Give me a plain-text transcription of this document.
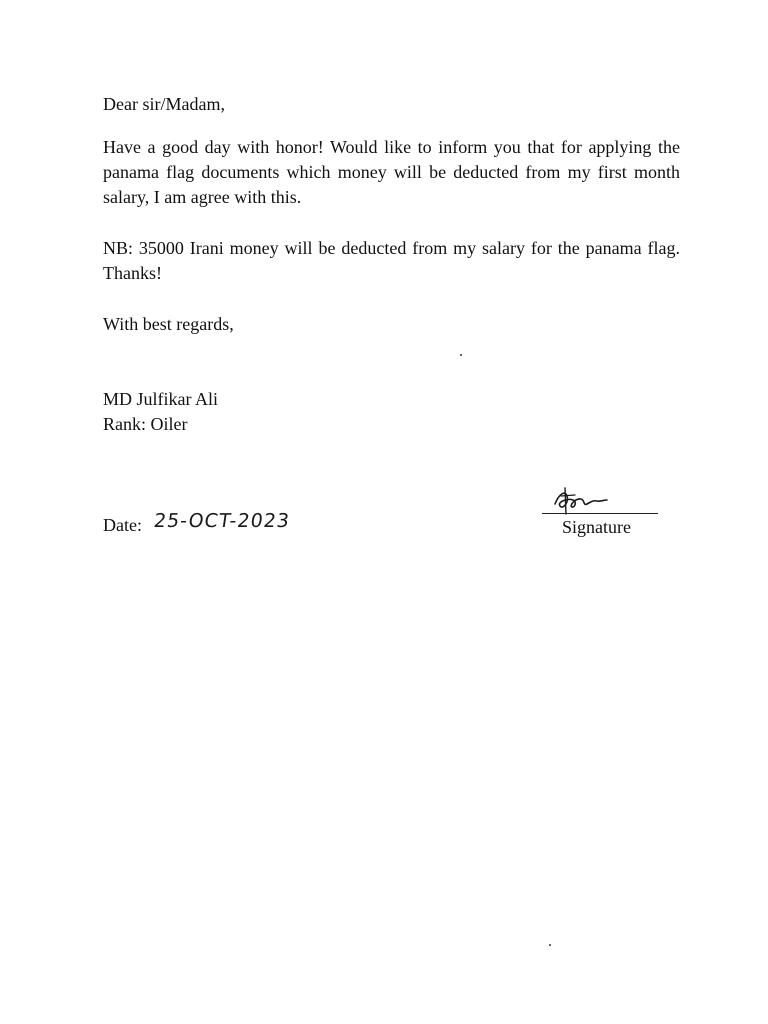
Dear sir/Madam,

Have a good day with honor! Would like to inform you that for applying the panama flag documents which money will be deducted from my first month salary, I am agree with this.

NB: 35000 Irani money will be deducted from my salary for the panama flag. Thanks!

With best regards,

MD Julfikar Ali

Rank: Oiler

Date: 25-OCT-2023	Signature
